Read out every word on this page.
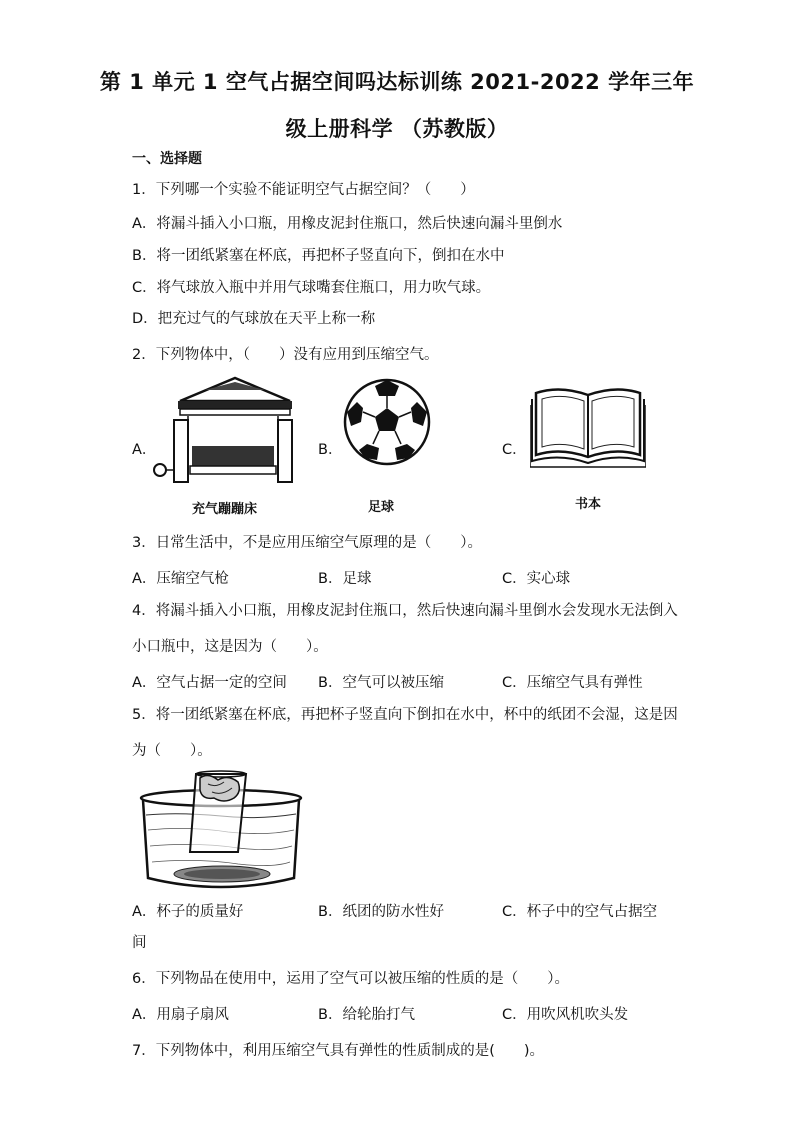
第 1 单元 1 空气占据空间吗达标训练 2021-2022 学年三年
级上册科学 （苏教版）
一、选择题
1．下列哪一个实验不能证明空气占据空间？（　　）
A．将漏斗插入小口瓶，用橡皮泥封住瓶口，然后快速向漏斗里倒水
B．将一团纸紧塞在杯底，再把杯子竖直向下，倒扣在水中
C．将气球放入瓶中并用气球嘴套住瓶口，用力吹气球。
D．把充过气的气球放在天平上称一称
2．下列物体中，（　　）没有应用到压缩空气。
A．
充气蹦蹦床
B．
足球
C．
书本
3．日常生活中，不是应用压缩空气原理的是（　　）。
A．压缩空气枪	B．足球	C．实心球
4．将漏斗插入小口瓶，用橡皮泥封住瓶口，然后快速向漏斗里倒水会发现水无法倒入
小口瓶中，这是因为（　　）。
A．空气占据一定的空间 B．空气可以被压缩	C．压缩空气具有弹性
5．将一团纸紧塞在杯底，再把杯子竖直向下倒扣在水中，杯中的纸团不会湿，这是因
为（　　）。
A．杯子的质量好	B．纸团的防水性好	C．杯子中的空气占据空
间
6．下列物品在使用中，运用了空气可以被压缩的性质的是（　　）。
A．用扇子扇风	B．给轮胎打气	C．用吹风机吹头发
7．下列物体中，利用压缩空气具有弹性的性质制成的是(　　)。
